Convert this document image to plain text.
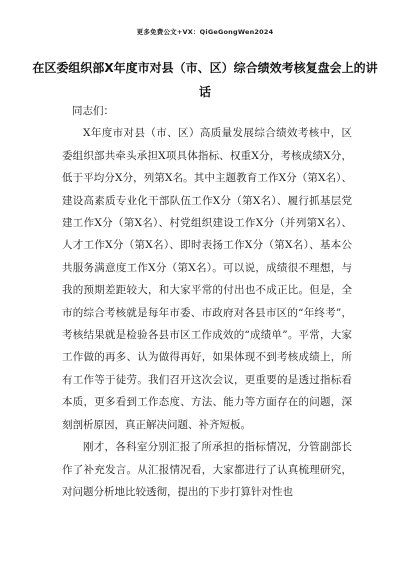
更多免费公文+VX：QiGeGongWen2024
在区委组织部X年度市对县（市、区）综合绩效考核复盘会上的讲话

同志们：

X年度市对县（市、区）高质量发展综合绩效考核中，区委组织部共牵头承担X项具体指标、权重X分，考核成绩X分，低于平均分X分，列第X名。其中主题教育工作X分（第X名）、建设高素质专业化干部队伍工作X分（第X名）、履行抓基层党建工作X分（第X名）、村党组织建设工作X分（并列第X名）、人才工作X分（第X名）、即时表扬工作X分（第X名）、基本公共服务满意度工作X分（第X名）。可以说，成绩很不理想，与我的预期差距较大，和大家平常的付出也不成正比。但是，全市的综合考核就是每年市委、市政府对各县市区的“年终考”，考核结果就是检验各县市区工作成效的“成绩单”。平常，大家工作做的再多、认为做得再好，如果体现不到考核成绩上，所有工作等于徒劳。我们召开这次会议，更重要的是透过指标看本质，更多看到工作态度、方法、能力等方面存在的问题，深刻剖析原因，真正解决问题、补齐短板。

刚才，各科室分别汇报了所承担的指标情况，分管副部长作了补充发言。从汇报情况看，大家都进行了认真梳理研究，对问题分析地比较透彻，提出的下步打算针对性也
